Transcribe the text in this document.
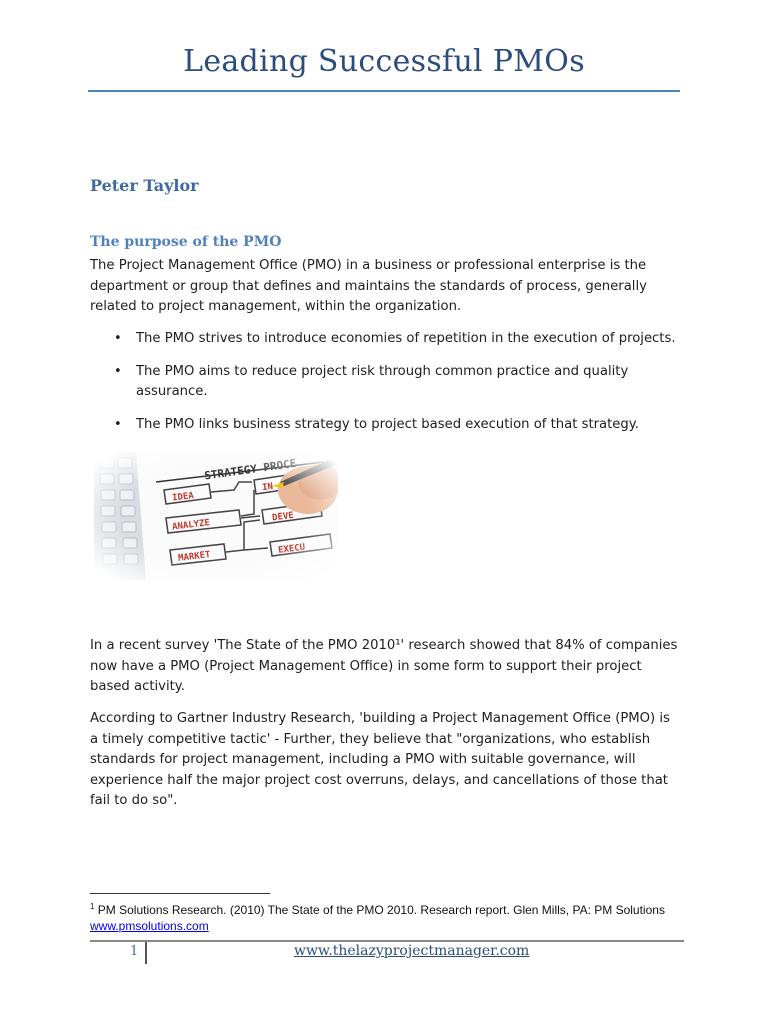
Leading Successful PMOs
Peter Taylor
The purpose of the PMO

The Project Management Office (PMO) in a business or professional enterprise is the department or group that defines and maintains the standards of process, generally related to project management, within the organization.

• The PMO strives to introduce economies of repetition in the execution of projects.
• The PMO aims to reduce project risk through common practice and quality assurance.
• The PMO links business strategy to project based execution of that strategy.

In a recent survey 'The State of the PMO 2010¹' research showed that 84% of companies now have a PMO (Project Management Office) in some form to support their project based activity.

According to Gartner Industry Research, 'building a Project Management Office (PMO) is a timely competitive tactic' - Further, they believe that "organizations, who establish standards for project management, including a PMO with suitable governance, will experience half the major project cost overruns, delays, and cancellations of those that fail to do so".

$^1$ PM Solutions Research. (2010) The State of the PMO 2010. Research report. Glen Mills, PA: PM Solutions www.pmsolutions.com
1	www.thelazyprojectmanager.com
